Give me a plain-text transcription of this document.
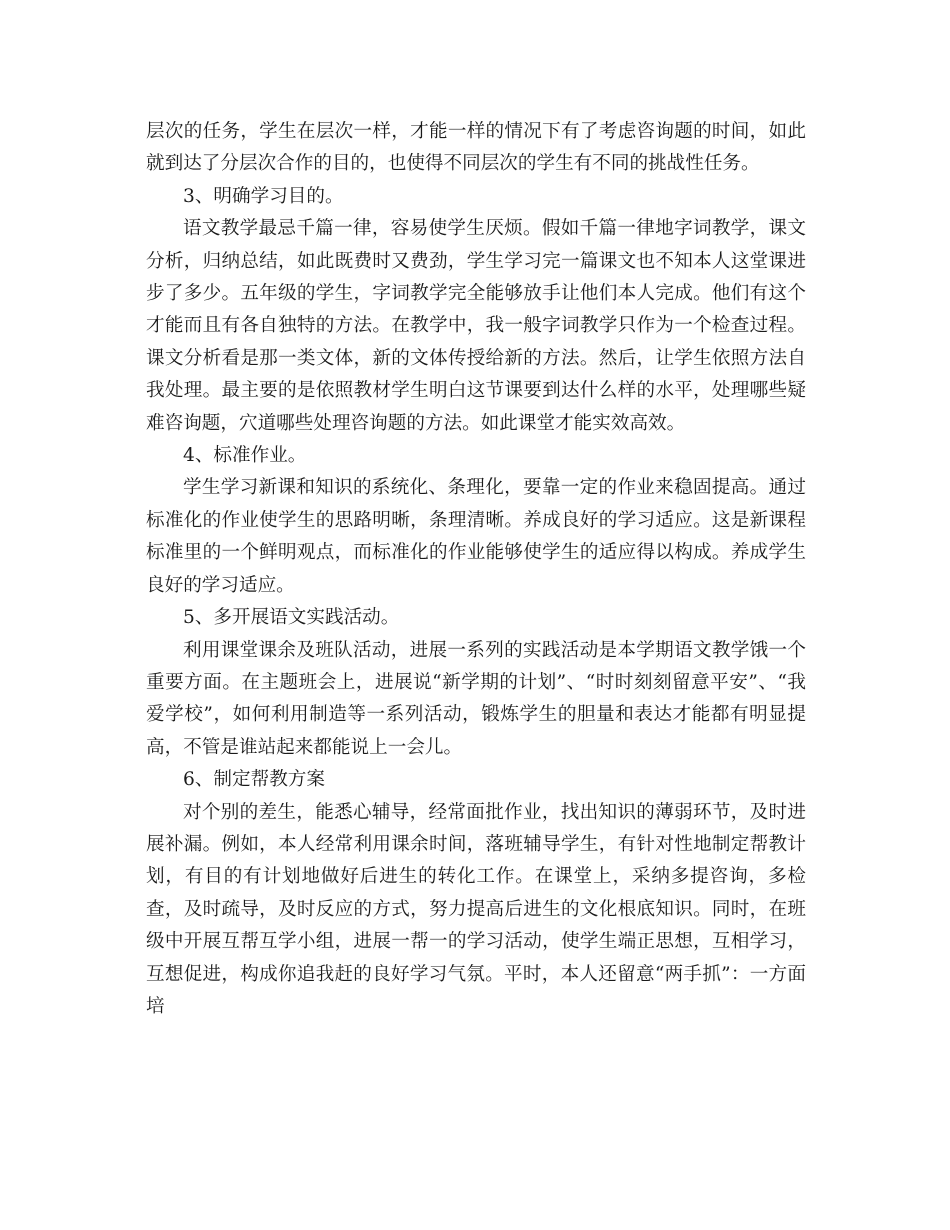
层次的任务，学生在层次一样，才能一样的情况下有了考虑咨询题的时间，如此就到达了分层次合作的目的，也使得不同层次的学生有不同的挑战性任务。

3、明确学习目的。

语文教学最忌千篇一律，容易使学生厌烦。假如千篇一律地字词教学，课文分析，归纳总结，如此既费时又费劲，学生学习完一篇课文也不知本人这堂课进步了多少。五年级的学生，字词教学完全能够放手让他们本人完成。他们有这个才能而且有各自独特的方法。在教学中，我一般字词教学只作为一个检查过程。课文分析看是那一类文体，新的文体传授给新的方法。然后，让学生依照方法自我处理。最主要的是依照教材学生明白这节课要到达什么样的水平，处理哪些疑难咨询题，穴道哪些处理咨询题的方法。如此课堂才能实效高效。

4、标准作业。

学生学习新课和知识的系统化、条理化，要靠一定的作业来稳固提高。通过标准化的作业使学生的思路明晰，条理清晰。养成良好的学习适应。这是新课程标准里的一个鲜明观点，而标准化的作业能够使学生的适应得以构成。养成学生良好的学习适应。

5、多开展语文实践活动。

利用课堂课余及班队活动，进展一系列的实践活动是本学期语文教学饿一个重要方面。在主题班会上，进展说“新学期的计划”、“时时刻刻留意平安”、“我爱学校”，如何利用制造等一系列活动，锻炼学生的胆量和表达才能都有明显提高，不管是谁站起来都能说上一会儿。

6、制定帮教方案

对个别的差生，能悉心辅导，经常面批作业，找出知识的薄弱环节，及时进展补漏。例如，本人经常利用课余时间，落班辅导学生，有针对性地制定帮教计划，有目的有计划地做好后进生的转化工作。在课堂上，采纳多提咨询，多检查，及时疏导，及时反应的方式，努力提高后进生的文化根底知识。同时，在班级中开展互帮互学小组，进展一帮一的学习活动，使学生端正思想，互相学习，互想促进，构成你追我赶的良好学习气氛。平时，本人还留意“两手抓”：一方面培
